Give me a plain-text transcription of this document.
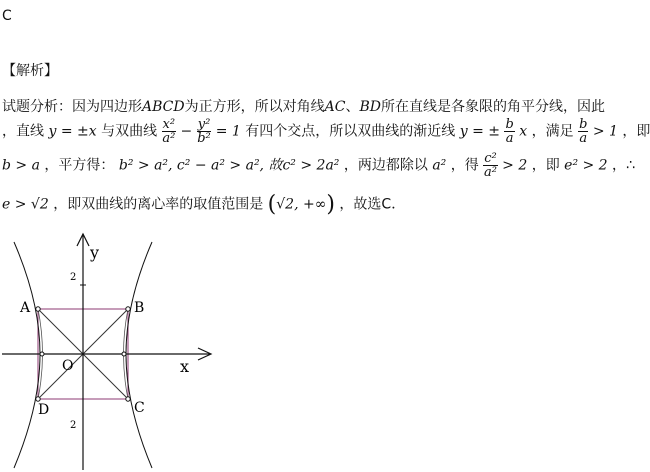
C
【解析】
试题分析：因为四边形ABCD为正方形，所以对角线AC、BD所在直线是各象限的角平分线，因此
，直线 y = ±x 与双曲线 $\frac{\text{x²}}{\text{a²}} - \frac{\text{y²}}{\text{b²}} = 1$ 有四个交点，所以双曲线的渐近线 y = ± $\frac{b}{a}$ x ，满足 $\frac{b}{a} > 1$ ，即
b > a ，平方得： b² > a², c² − a² > a², 故c² > 2a² ，两边都除以 a² ，得 $\frac{\text{c²}}{\text{a²}} > 2$ ，即 e² > 2 ，∴
e > √2 ，即双曲线的离心率的取值范围是 (√2, +∞) ，故选C．
y
x
O
2
2
A	B
C
D
